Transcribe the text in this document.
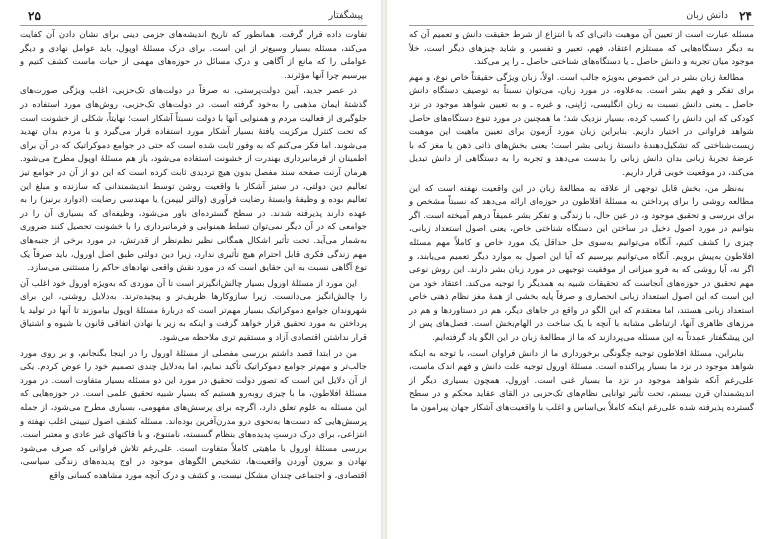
۲۵	پیشگفتار

تفاوت داده قرار گرفت. همانطور که تاریخ اندیشه‌های جزمی دینی برای نشان دادن آن کفایت می‌کند، مسئله بسیار وسیع‌تر از این است. برای درک مسئلهٔ اوپول، باید عوامل نهادی و دیگر عواملی را که مانع از آگاهی و درک مسائل در حوزه‌های مهمی از حیات ماست کشف کنیم و بپرسیم چرا آنها مؤثرند.

در عصر جدید، آیین دولت‌پرستی، نه صرفاً در دولت‌های تک‌حزبی، اغلب ویژگی صورت‌های گذشتهٔ ایمان مذهبی را به‌خود گرفته است. در دولت‌های تک‌حزبی، روش‌های مورد استفاده در جلوگیری از فعالیت مردم و همنوایی آنها با دولت نسبتاً آشکار است؛ نهایتاً، شکلی از خشونت است که تحت کنترل مرکزیت یافتهٔ بسیار آشکار مورد استفاده قرار می‌گیرد و با مردم بدان تهدید می‌شوند. اما فکر می‌کنم که به وفور ثابت شده است که حتی در جوامع دموکراتیک که در آن برای اطمینان از فرمانبرداری بهندرت از خشونت استفاده می‌شود، باز هم مسئلهٔ اوپول مطرح می‌شود. هرمان آرنت صفحه سند مفصل بدون هیچ تردیدی ثابت کرده است که این دو از آن در جوامع تیز تعالیم دین دولتی، در ستیز آشکار با واقعیت روشن توسط اندیشمندانی که سازنده و مبلغ این تعالیم بوده و وظیفهٔ وابستهٔ رضایت فرآوری (والتر لیپمن) یا مهندسی رضایت (ادوارد برنیز) را به عهده دارند پذیرفته شدند. در سطح گسترده‌ای باور می‌شود، وظیفه‌ای که بسیاری آن را در جوامعی که در آن دیگر نمی‌توان تسلط همنوایی و فرمانبرداری را با خشونت تحصیل کنند ضروری به‌شمار می‌آید. تحت تأثیر اشکال همگانی نظیر نظم‌نظر از قدرتش، در مورد برخی از جنبه‌های مهم زندگی فکری قابل احترام هیچ تأثیری ندارد، زیرا دین دولتی طبق اصل اورول، باید صرفاً یک نوع آگاهی نسبت به این حقایق است که در مورد نقش واقعی نهادهای حاکم را مستثنی می‌سازد.

این مورد از مسئلهٔ اورول بسیار چالش‌انگیزتر است تا آن موردی که به‌ویژه اورول خود اغلب آن را چالش‌انگیز می‌دانست. زیرا سازوکارها ظریف‌تر و پیچیده‌ترند. به‌دلایل روشنی، این برای شهروندان جوامع دموکراتیک بسیار مهم‌تر است که دربارهٔ مسئلهٔ اوپول بیاموزند تا آنها در تولید یا پرداختن به مورد تحقیق قرار خواهد گرفت و اینکه به زیر یا نهادن اتفاقی قانون با شیوه و اشتیاق قرار نداشتن اقتصادی آزاد و مستقیم تری ملاحظه می‌شود.

من در ابتدا قصد داشتم بررسی مفصلی از مسئلهٔ اورول را در اینجا بگنجانم، و بر روی مورد جالب‌تر و مهم‌تر جوامع دموکراتیک تأکید نمایم، اما به‌دلایل چندی تصمیم خود را عوض کردم. یکی از آن دلایل این است که تصور دولت تحقیق در مورد این دو مسئله بسیار متفاوت است. در مورد مسئلهٔ افلاطون، ما با چیزی روبه‌رو هستیم که بسیار شبیه تحقیق علمی است. در حوزه‌هایی که این مسئله به علوم تعلق دارد، اگرچه برای پرسش‌های مفهومی، بسیاری مطرح می‌شود، از جمله پرسش‌هایی که دست‌ها به‌نحوی درو مدرن‌آفرین بوده‌اند. مسئله کشف اصول تبیینی اغلب نهفته و انتزاعی، برای درک درستِ پدیده‌های بنظام گسسته، نامتنوع، و با فاکتهای غیر عادی و معتبر است. بررسی مسئلهٔ اورول با ماهیتی کاملاً متفاوت است. علی‌رغم تلاش فراوانی که صرف می‌شود نهادن و بیرون آوردن واقعیت‌ها، تشخیص الگوهای موجود در اوج پدیده‌های زندگی سیاسی، اقتصادی، و اجتماعی چندان مشکل نیست، و کشف و درک آنچه مورد مشاهده کسانی واقع

۲۴
دانش زبان

مسئله عبارت است از تعیین آن موهبت ذاتی‌ای که با انتزاع از شرط حقیقت دانش و تعمیم آن که به دیگر دستگاه‌هایی که مستلزم اعتقاد، فهم، تعبیر و تفسیر، و شاید چیزهای دیگر است، خلأ موجود میان تجربه و دانش حاصل ـ یا دستگاه‌های شناختی حاصل ـ را پر می‌کند.

مطالعهٔ زبان بشر در این خصوص به‌ویژه جالب است. اولاً، زبان ویژگی حقیقتاً خاص نوع، و مهم برای تفکر و فهم بشر است. به‌علاوه، در مورد زبان، می‌توان نسبتاً به توصیف دستگاه دانش حاصل ـ یعنی دانش نسبت به زبان انگلیسی، ژاپنی، و غیره ـ و به تعیین شواهد موجود در نزد کودکی که این دانش را کسب کرده، بسیار نزدیک شد؛ ما همچنین در مورد تنوع دستگاه‌های حاصل شواهد فراوانی در اختیار داریم. بنابراین زبان مورد آزمون برای تعیین ماهیت این موهبت زیست‌شناختی که تشکیل‌دهندهٔ دانستهٔ زبانی بشر است؛ یعنی بخش‌های ذاتی ذهن یا مغز که با عرضهٔ تجربهٔ زبانی بدان دانش زبانی را بدست می‌دهد و تجربه را به دستگاهی از دانش تبدیل می‌کند، در موقعیت خوبی قرار داریم.

به‌نظر من، بخش قابل توجهی از علاقه به مطالعهٔ زبان در این واقعیت نهفته است که این مطالعه روشی را برای پرداختن به مسئلهٔ افلاطون در حوزه‌ای ارائه می‌دهد که نسبتاً مشخص و برای بررسی و تحقیق موجود و، در عین حال، با زندگی و تفکر بشر عمیقاً درهم آمیخته است. اگر بتوانیم در مورد اصول دخیل در ساختن این دستگاه شناختی خاص، یعنی اصول استعداد زبانی، چیزی را کشف کنیم، آنگاه می‌توانیم به‌سوی حل حداقل یک مورد خاص و کاملاً مهم مسئله افلاطون به‌پیش برویم. آنگاه می‌توانیم بپرسیم که آیا این اصول به موارد دیگر تعمیم می‌یابند، و اگر نه، آیا روشی که به فرو میزانی از موفقیت توجیهی در مورد زبان بشر دارند. این روش نوعی مهم تحقیق در حوزه‌های آنجاست که تحقیقات شبیه به همدیگر را توجیه می‌کند. اعتقاد خود من این است که این اصول استعداد زبانی انحصاری و صرفاً پایه بخشی از همهٔ مغز نظام ذهنی خاص استعداد زبانی هستند، اما معتقدم که این الگو در واقع در جاهای دیگر، هم در دستاوردها و هم در مرزهای ظاهری آنها، ارتباطی مشابه با آنچه با یک ساخت در الهام‌بخش است. فصل‌های پس از این پیشگفتار عمدتاً به این مسئله می‌پردازند که ما از مطالعهٔ زبان در این الگو یاد گرفته‌ایم.

بنابراین، مسئلهٔ افلاطون توجیه چگونگی برخورداری ما از دانش فراوان است، با توجه به اینکه شواهد موجود در نزد ما بسیار پراکنده است. مسئلهٔ اورول توجیه علت دانش و فهم اندک ماست، علی‌رغم آنکه شواهد موجود در نزد ما بسیار غنی است. اورول، همچون بسیاری دیگر از اندیشمندان قرن بیستم، تحت تأثیر توانایی نظام‌های تک‌حزبی در القای عقاید محکم و در سطح گسترده پذیرفته شده علی‌رغم اینکه کاملاً بی‌اساس و اغلب با واقعیت‌های آشکار جهان پیرامون ما
